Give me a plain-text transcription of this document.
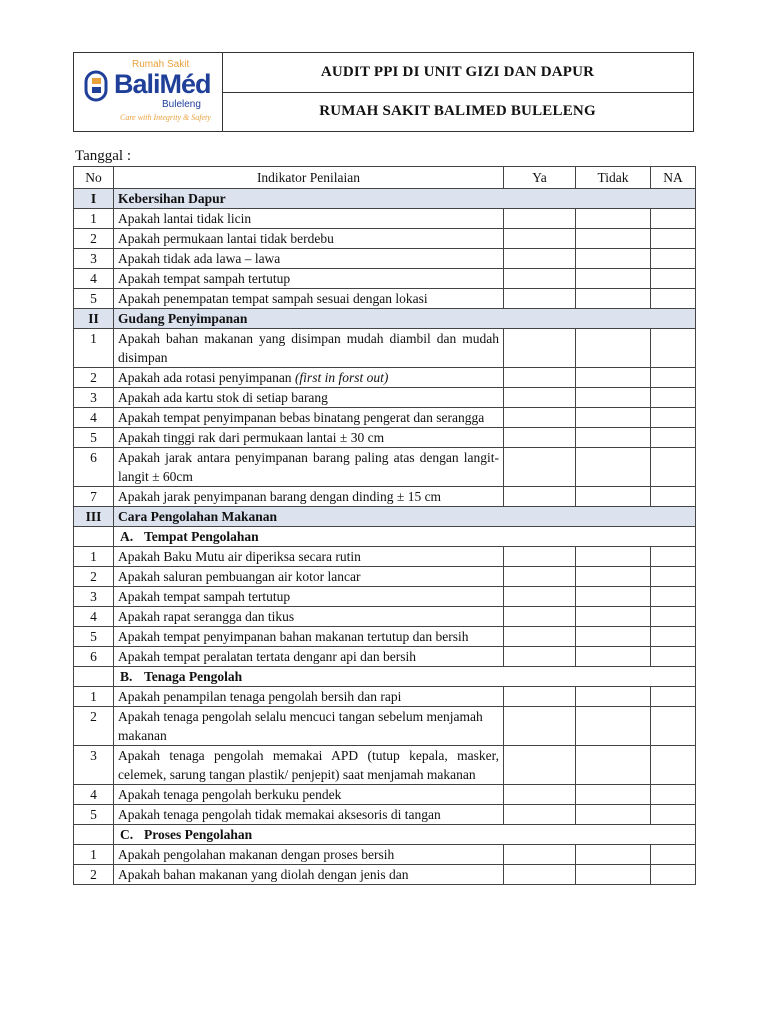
Rumah Sakit
BaliMéd
Buleleng
Care with Integrity & Safety
AUDIT PPI DI UNIT GIZI DAN DAPUR
RUMAH SAKIT BALIMED BULELENG
Tanggal :
No	Indikator Penilaian	Ya	Tidak	NA
I	Kebersihan Dapur			
1	Apakah lantai tidak licin			
2	Apakah permukaan lantai tidak berdebu			
3	Apakah tidak ada lawa – lawa			
4	Apakah tempat sampah tertutup			
5	Apakah penempatan tempat sampah sesuai dengan lokasi			
II	Gudang Penyimpanan			
1	Apakah bahan makanan yang disimpan mudah diambil dan mudah disimpan			
2	Apakah ada rotasi penyimpanan (first in forst out)			
3	Apakah ada kartu stok di setiap barang			
4	Apakah tempat penyimpanan bebas binatang pengerat dan serangga			
5	Apakah tinggi rak dari permukaan lantai ± 30 cm			
6	Apakah jarak antara penyimpanan barang paling atas dengan langit-langit ± 60cm			
7	Apakah jarak penyimpanan barang dengan dinding ± 15 cm			
III	Cara Pengolahan Makanan			
	A. Tempat Pengolahan			
1	Apakah Baku Mutu air diperiksa secara rutin			
2	Apakah saluran pembuangan air kotor lancar			
3	Apakah tempat sampah tertutup			
4	Apakah rapat serangga dan tikus			
5	Apakah tempat penyimpanan bahan makanan tertutup dan bersih			
6	Apakah tempat peralatan tertata denganr api dan bersih			
	B. Tenaga Pengolah			
1	Apakah penampilan tenaga pengolah bersih dan rapi			
2	Apakah tenaga pengolah selalu mencuci tangan sebelum menjamah makanan			
3	Apakah tenaga pengolah memakai APD (tutup kepala, masker, celemek, sarung tangan plastik/ penjepit) saat menjamah makanan			
4	Apakah tenaga pengolah berkuku pendek			
5	Apakah tenaga pengolah tidak memakai aksesoris di tangan			
	C. Proses Pengolahan			
1	Apakah pengolahan makanan dengan proses bersih			
2	Apakah bahan makanan yang diolah dengan jenis dan			
